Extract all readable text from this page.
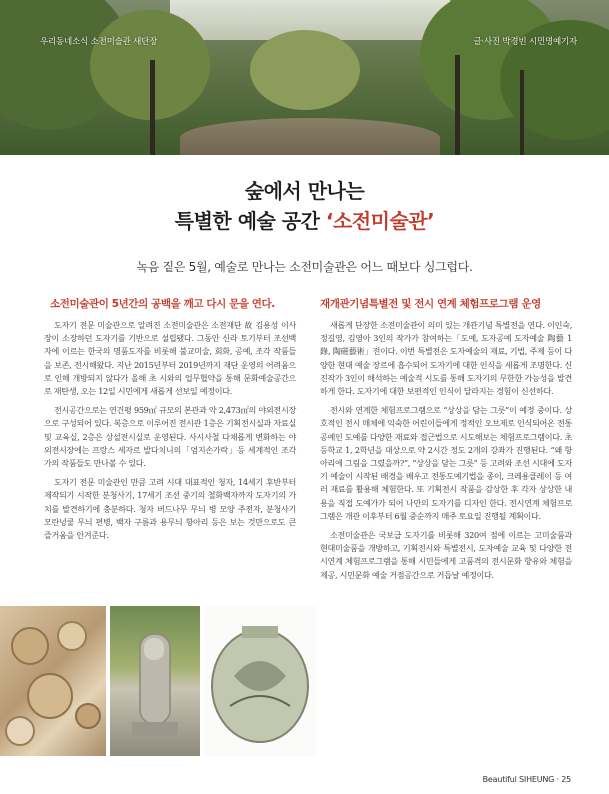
우리동네소식 소전미술관 새단장	글·사진 박경빈 시민명예기자
숲에서 만나는
특별한 예술 공간 ‘소전미술관’
녹음 짙은 5월, 예술로 만나는 소전미술관은 어느 때보다 싱그럽다.
소전미술관이 5년간의 공백을 깨고 다시 문을 연다.

도자기 전문 미술관으로 알려진 소전미술관은 소전재단 故 김용성 이사장이 소장하던 도자기를 기반으로 설립됐다. 그동안 신라 토기부터 조선백자에 이르는 한국의 명품도자를 비롯해 불교미술, 회화, 공예, 조각 작품들을 보존, 전시해왔다. 지난 2015년부터 2019년까지 재단 운영의 어려움으로 인해 개방되지 않다가 올해 초 시와의 업무협약을 통해 문화예술공간으로 재탄생, 오는 12일 시민에게 새롭게 선보일 예정이다.

전시공간으로는 연건평 959㎡ 규모의 본관과 약 2,473㎡의 야외전시장으로 구성되어 있다. 복층으로 이루어진 전시관 1층은 기획전시실과 자료실 및 교육실, 2층은 상설전시실로 운영된다. 사시사철 다채롭게 변화하는 야외전시장에는 프랑스 세자르 발다치니의「엄지손가락」등 세계적인 조각가의 작품들도 만나볼 수 있다.

도자기 전문 미술관인 만큼 고려 시대 대표적인 청자, 14세기 후반부터 제작되기 시작한 분청사기, 17세기 조선 중기의 철화백자까지 도자기의 가치를 발견하기에 충분하다. 청자 버드나무 무늬 병 모양 주전자, 분청사기 모란넝쿨 무늬 편병, 백자 구름과 용무늬 항아리 등은 보는 것만으로도 큰 즐거움을 안겨준다.

재개관기념특별전 및 전시 연계 체험프로그램 운영

새롭게 단장한 소전미술관이 의미 있는 개관기념 특별전을 연다. 이인숙, 정길영, 김영아 3인의 작가가 참여하는「도예, 도자공예 도자예술 陶藝 1 錄, 陶磁藝術」전이다. 이번 특별전은 도자예술의 재료, 기법, 주제 등이 다양한 현대 예술 장르에 흡수되어 도자기에 대한 인식을 새롭게 조명한다. 신진작가 3인이 해석하는 예술적 시도를 통해 도자기의 무한한 가능성을 발견하게 한다. 도자기에 대한 보편적인 인식이 달라지는 경험이 신선하다.

전시와 연계한 체험프로그램으로 “상상을 담는 그릇”이 예정 중이다. 상호적인 전시 매체에 익숙한 어린이들에게 정적인 오브제로 인식되어온 전통공예인 도예를 다양한 재료와 접근법으로 시도해보는 체험프로그램이다. 초등학교 1, 2학년을 대상으로 약 2시간 정도 2개의 강좌가 진행된다. “왜 항아리에 그림을 그렸을까?”, “상상을 담는 그릇” 등 고려와 조선 시대에 도자기 예술이 시작된 배경을 배우고 전통도예기법을 종이, 크레용클레이 등 여러 재료를 활용해 체험한다. 또 기획전시 작품을 감상한 후 각자 상상한 내용을 직접 도예가가 되어 나만의 도자기를 디자인 한다. 전시연계 체험프로그램은 개관 이후부터 6월 중순까지 매주 토요일 진행될 계획이다.

소전미술관은 국보급 도자기를 비롯해 320여 점에 이르는 고미술품과 현대미술품을 개방하고, 기획전시와 특별전시, 도자예술 교육 및 다양한 전시연계 체험프로그램을 통해 시민들에게 고품격의 전시문화 향유와 체험을 제공, 시민문화 예술 거점공간으로 거듭날 예정이다.

Beautiful SIHEUNG · 25
